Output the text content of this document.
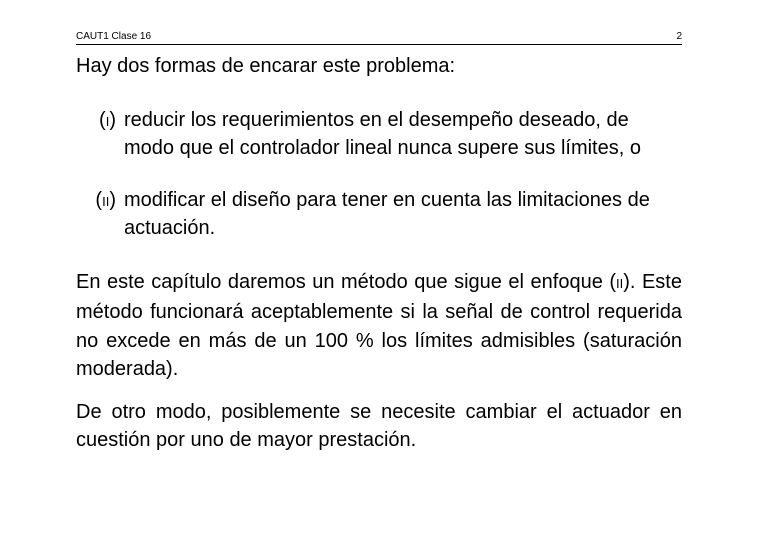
CAUT1 Clase 16	2

Hay dos formas de encarar este problema:

(I) reducir los requerimientos en el desempeño deseado, de modo que el controlador lineal nunca supere sus límites, o
(II) modificar el diseño para tener en cuenta las limitaciones de actuación.
En este capítulo daremos un método que sigue el enfoque (II). Este método funcionará aceptablemente si la señal de control requerida no excede en más de un 100 % los límites admisibles (saturación moderada).
De otro modo, posiblemente se necesite cambiar el actuador en cuestión por uno de mayor prestación.
